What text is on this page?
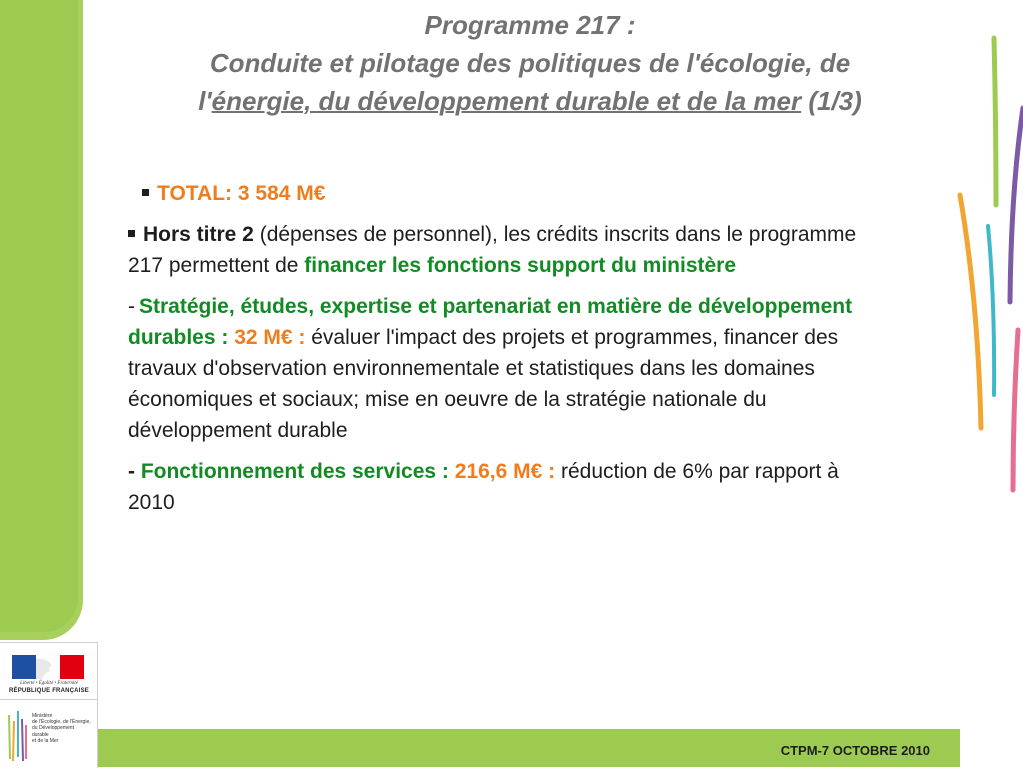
Programme 217 :
Conduite et pilotage des politiques de l'écologie, de
l'énergie, du développement durable et de la mer (1/3)
TOTAL: 3 584 M€
Hors titre 2 (dépenses de personnel), les crédits inscrits dans le programme 217 permettent de financer les fonctions support du ministère
- Stratégie, études, expertise et partenariat en matière de développement durables : 32 M€ : évaluer l'impact des projets et programmes, financer des travaux d'observation environnementale et statistiques dans les domaines économiques et sociaux; mise en oeuvre de la stratégie nationale du développement durable
- Fonctionnement des services : 216,6 M€ : réduction de 6% par rapport à 2010
Liberté • Égalité • Fraternité
RÉPUBLIQUE FRANÇAISE
Ministère
de l'Écologie, de l'Énergie,
du Développement
durable
et de la Mer
CTPM-7 OCTOBRE 2010
